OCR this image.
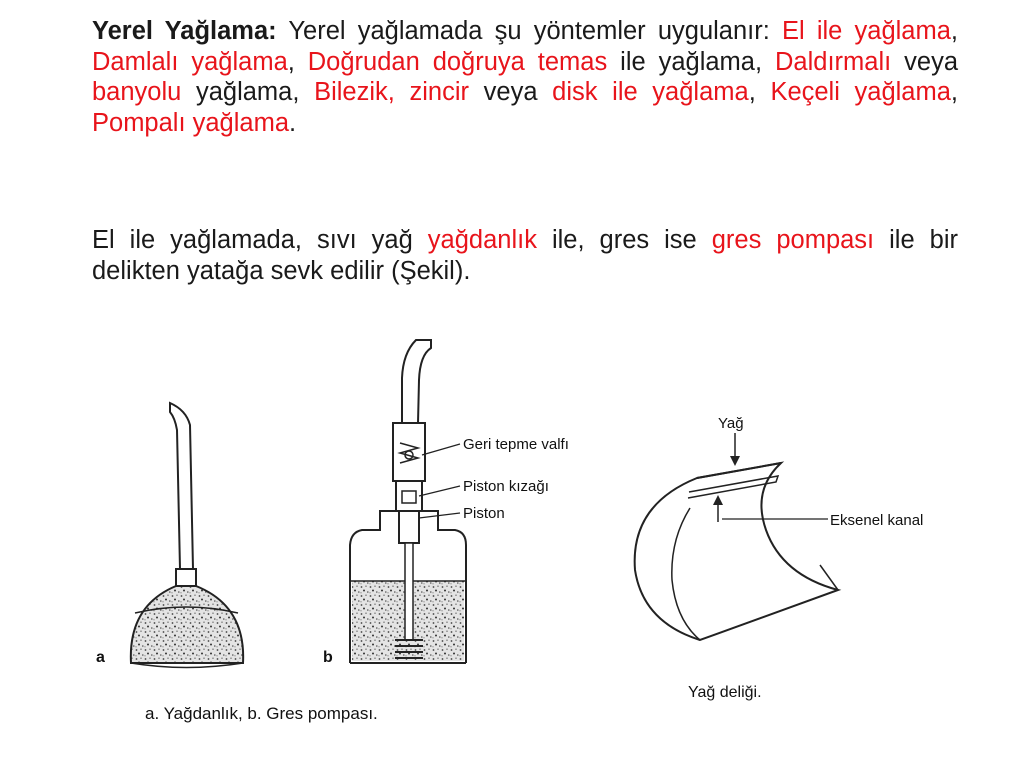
Yerel Yağlama: Yerel yağlamada şu yöntemler uygulanır: El ile yağlama, Damlalı yağlama, Doğrudan doğruya temas ile yağlama, Daldırmalı veya banyolu yağlama, Bilezik, zincir veya disk ile yağlama, Keçeli yağlama, Pompalı yağlama.

El ile yağlamada, sıvı yağ yağdanlık ile, gres ise gres pompası ile bir delikten yatağa sevk edilir (Şekil).

a	b
Geri tepme valfı
Piston kızağı
Piston
a. Yağdanlık, b. Gres pompası.
Yağ
Eksenel kanal
Yağ deliği.
